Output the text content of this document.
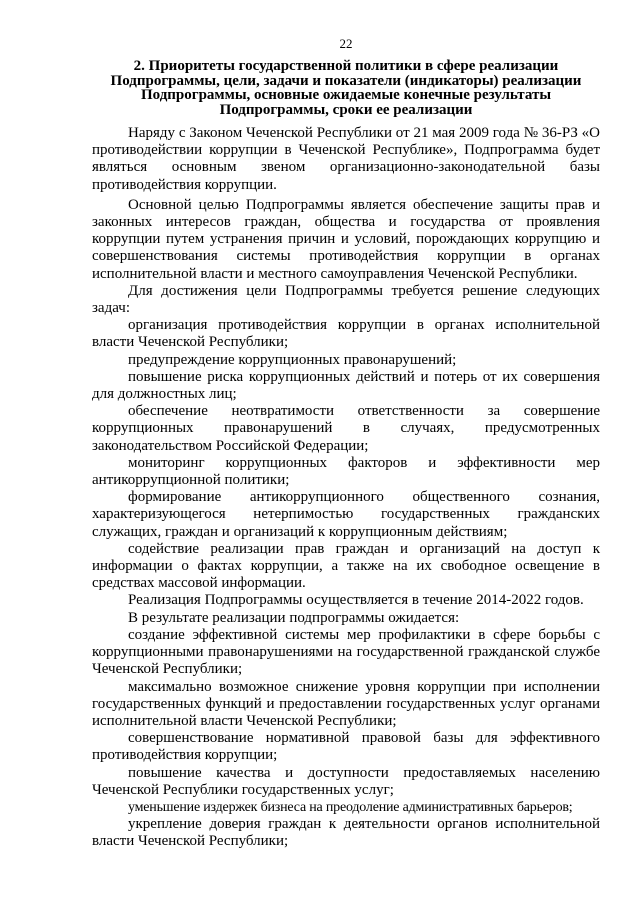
22
2. Приоритеты государственной политики в сфере реализации
Подпрограммы, цели, задачи и показатели (индикаторы) реализации
Подпрограммы, основные ожидаемые конечные результаты
Подпрограммы, сроки ее реализации

Наряду с Законом Чеченской Республики от 21 мая 2009 года № 36-РЗ «О противодействии коррупции в Чеченской Республике», Подпрограмма будет являться основным звеном организационно-законодательной базы противодействия коррупции.

Основной целью Подпрограммы является обеспечение защиты прав и законных интересов граждан, общества и государства от проявления коррупции путем устранения причин и условий, порождающих коррупцию и совершенствования системы противодействия коррупции в органах исполнительной власти и местного самоуправления Чеченской Республики.

Для достижения цели Подпрограммы требуется решение следующих задач:

организация противодействия коррупции в органах исполнительной власти Чеченской Республики;

предупреждение коррупционных правонарушений;

повышение риска коррупционных действий и потерь от их совершения для должностных лиц;

обеспечение неотвратимости ответственности за совершение коррупционных правонарушений в случаях, предусмотренных законодательством Российской Федерации;

мониторинг коррупционных факторов и эффективности мер антикоррупционной политики;

формирование антикоррупционного общественного сознания, характеризующегося нетерпимостью государственных гражданских служащих, граждан и организаций к коррупционным действиям;

содействие реализации прав граждан и организаций на доступ к информации о фактах коррупции, а также на их свободное освещение в средствах массовой информации.

Реализация Подпрограммы осуществляется в течение 2014-2022 годов.

В результате реализации подпрограммы ожидается:

создание эффективной системы мер профилактики в сфере борьбы с коррупционными правонарушениями на государственной гражданской службе Чеченской Республики;

максимально возможное снижение уровня коррупции при исполнении государственных функций и предоставлении государственных услуг органами исполнительной власти Чеченской Республики;

совершенствование нормативной правовой базы для эффективного противодействия коррупции;

повышение качества и доступности предоставляемых населению Чеченской Республики государственных услуг;

уменьшение издержек бизнеса на преодоление административных барьеров;

укрепление доверия граждан к деятельности органов исполнительной власти Чеченской Республики;
